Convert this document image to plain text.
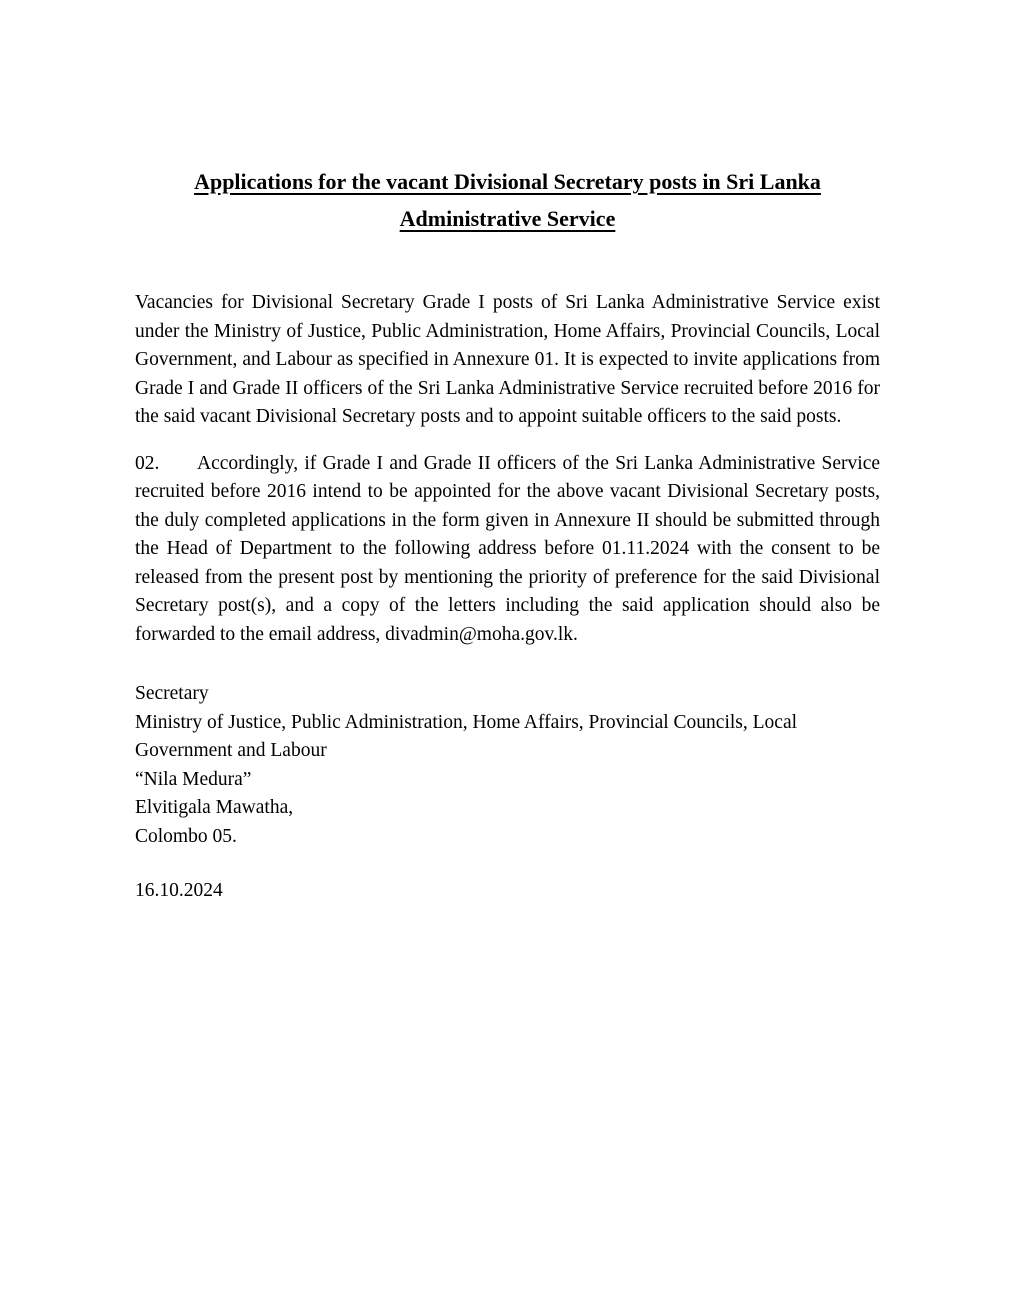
Applications for the vacant Divisional Secretary posts in Sri Lanka Administrative Service

Vacancies for Divisional Secretary Grade I posts of Sri Lanka Administrative Service exist under the Ministry of Justice, Public Administration, Home Affairs, Provincial Councils, Local Government, and Labour as specified in Annexure 01. It is expected to invite applications from Grade I and Grade II officers of the Sri Lanka Administrative Service recruited before 2016 for the said vacant Divisional Secretary posts and to appoint suitable officers to the said posts.

02. Accordingly, if Grade I and Grade II officers of the Sri Lanka Administrative Service recruited before 2016 intend to be appointed for the above vacant Divisional Secretary posts, the duly completed applications in the form given in Annexure II should be submitted through the Head of Department to the following address before 01.11.2024 with the consent to be released from the present post by mentioning the priority of preference for the said Divisional Secretary post(s), and a copy of the letters including the said application should also be forwarded to the email address, divadmin@moha.gov.lk.

Secretary
Ministry of Justice, Public Administration, Home Affairs, Provincial Councils, Local Government and Labour
“Nila Medura”
Elvitigala Mawatha,
Colombo 05.
16.10.2024
